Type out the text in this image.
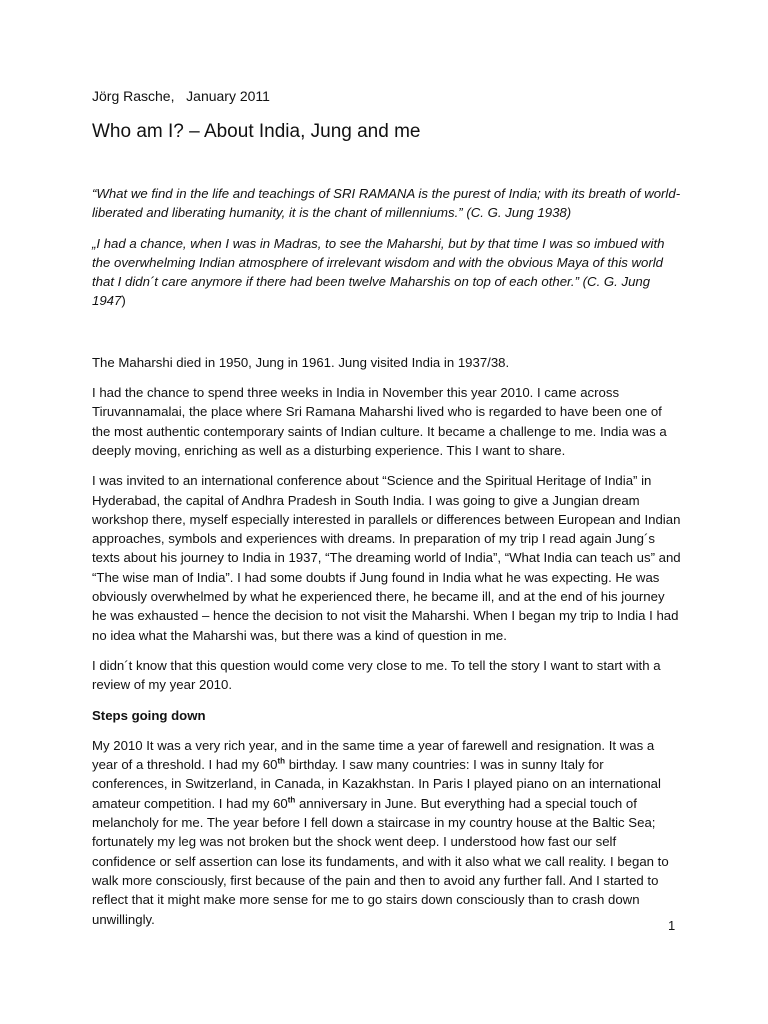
Jörg Rasche,   January 2011
Who am I? – About India, Jung and me

“What we find in the life and teachings of SRI RAMANA is the purest of India; with its breath of world-liberated and liberating humanity, it is the chant of millenniums.” (C. G. Jung 1938)

„I had a chance, when I was in Madras, to see the Maharshi, but by that time I was so imbued with the overwhelming Indian atmosphere of irrelevant wisdom and with the obvious Maya of this world that I didn´t care anymore if there had been twelve Maharshis on top of each other.” (C. G. Jung 1947)

The Maharshi died in 1950, Jung in 1961. Jung visited India in 1937/38.

I had the chance to spend three weeks in India in November this year 2010. I came across Tiruvannamalai, the place where Sri Ramana Maharshi lived who is regarded to have been one of the most authentic contemporary saints of Indian culture. It became a challenge to me. India was a deeply moving, enriching as well as a disturbing experience. This I want to share.

I was invited to an international conference about “Science and the Spiritual Heritage of India” in Hyderabad, the capital of Andhra Pradesh in South India. I was going to give a Jungian dream workshop there, myself especially interested in parallels or differences between European and Indian approaches, symbols and experiences with dreams. In preparation of my trip I read again Jung´s texts about his journey to India in 1937, “The dreaming world of India”, “What India can teach us” and “The wise man of India”. I had some doubts if Jung found in India what he was expecting. He was obviously overwhelmed by what he experienced there, he became ill, and at the end of his journey he was exhausted – hence the decision to not visit the Maharshi. When I began my trip to India I had no idea what the Maharshi was, but there was a kind of question in me.

I didn´t know that this question would come very close to me. To tell the story I want to start with a review of my year 2010.

Steps going down

My 2010 It was a very rich year, and in the same time a year of farewell and resignation. It was a year of a threshold. I had my 60th birthday. I saw many countries: I was in sunny Italy for conferences, in Switzerland, in Canada, in Kazakhstan. In Paris I played piano on an international amateur competition. I had my 60th anniversary in June. But everything had a special touch of melancholy for me. The year before I fell down a staircase in my country house at the Baltic Sea; fortunately my leg was not broken but the shock went deep. I understood how fast our self confidence or self assertion can lose its fundaments, and with it also what we call reality. I began to walk more consciously, first because of the pain and then to avoid any further fall. And I started to reflect that it might make more sense for me to go stairs down consciously than to crash down unwillingly.	1
